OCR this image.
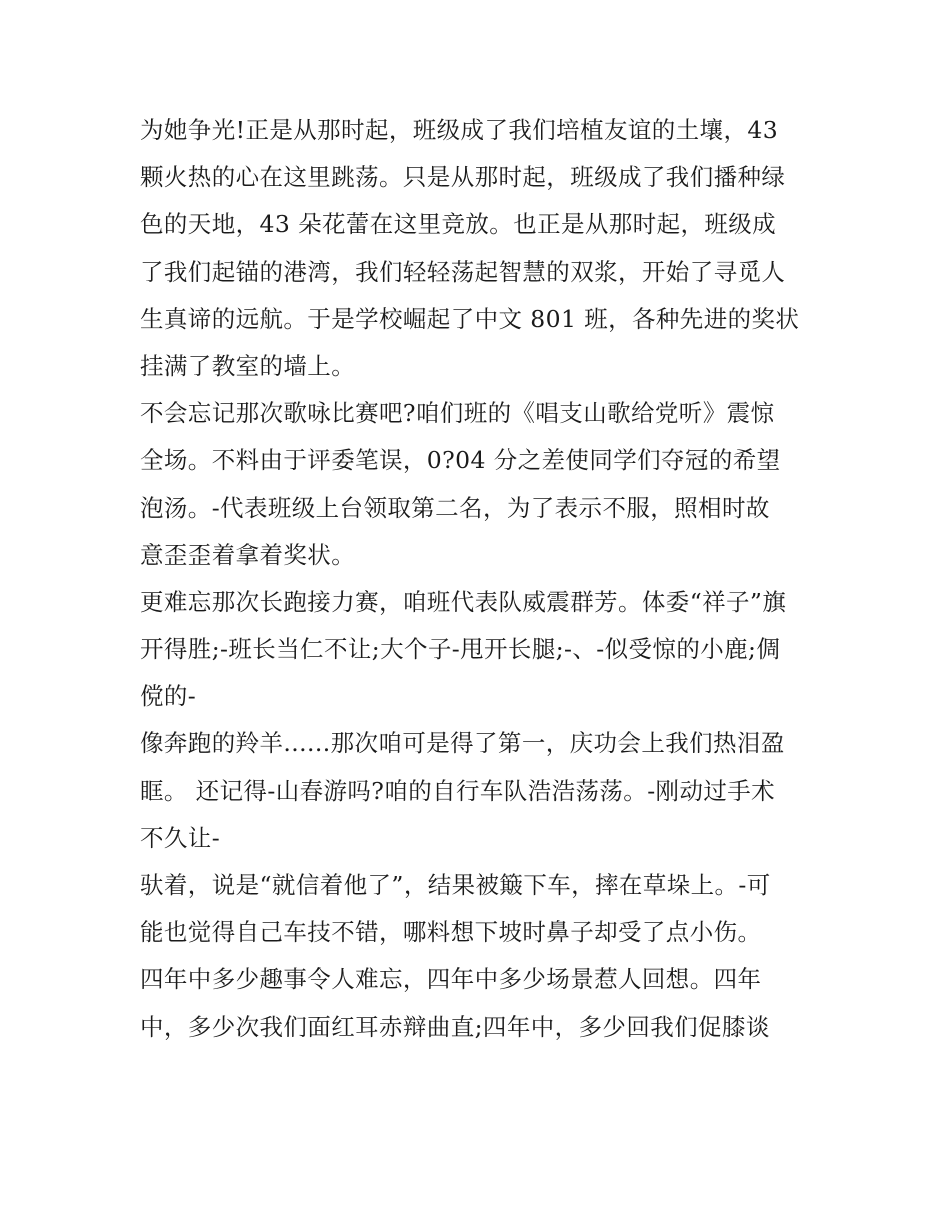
为她争光!正是从那时起，班级成了我们培植友谊的土壤，43
颗火热的心在这里跳荡。只是从那时起，班级成了我们播种绿
色的天地，43 朵花蕾在这里竞放。也正是从那时起，班级成
了我们起锚的港湾，我们轻轻荡起智慧的双浆，开始了寻觅人
生真谛的远航。于是学校崛起了中文 801 班，各种先进的奖状
挂满了教室的墙上。
不会忘记那次歌咏比赛吧?咱们班的《唱支山歌给党听》震惊
全场。不料由于评委笔误，0?04 分之差使同学们夺冠的希望
泡汤。-代表班级上台领取第二名，为了表示不服，照相时故
意歪歪着拿着奖状。
更难忘那次长跑接力赛，咱班代表队威震群芳。体委“祥子”旗
开得胜;-班长当仁不让;大个子-甩开长腿;-、-似受惊的小鹿;倜
傥的-
像奔跑的羚羊......那次咱可是得了第一，庆功会上我们热泪盈
眶。 还记得-山春游吗?咱的自行车队浩浩荡荡。-刚动过手术
不久让-
驮着，说是“就信着他了”，结果被簸下车，摔在草垛上。-可
能也觉得自己车技不错，哪料想下坡时鼻子却受了点小伤。
四年中多少趣事令人难忘，四年中多少场景惹人回想。四年
中，多少次我们面红耳赤辩曲直;四年中，多少回我们促膝谈
